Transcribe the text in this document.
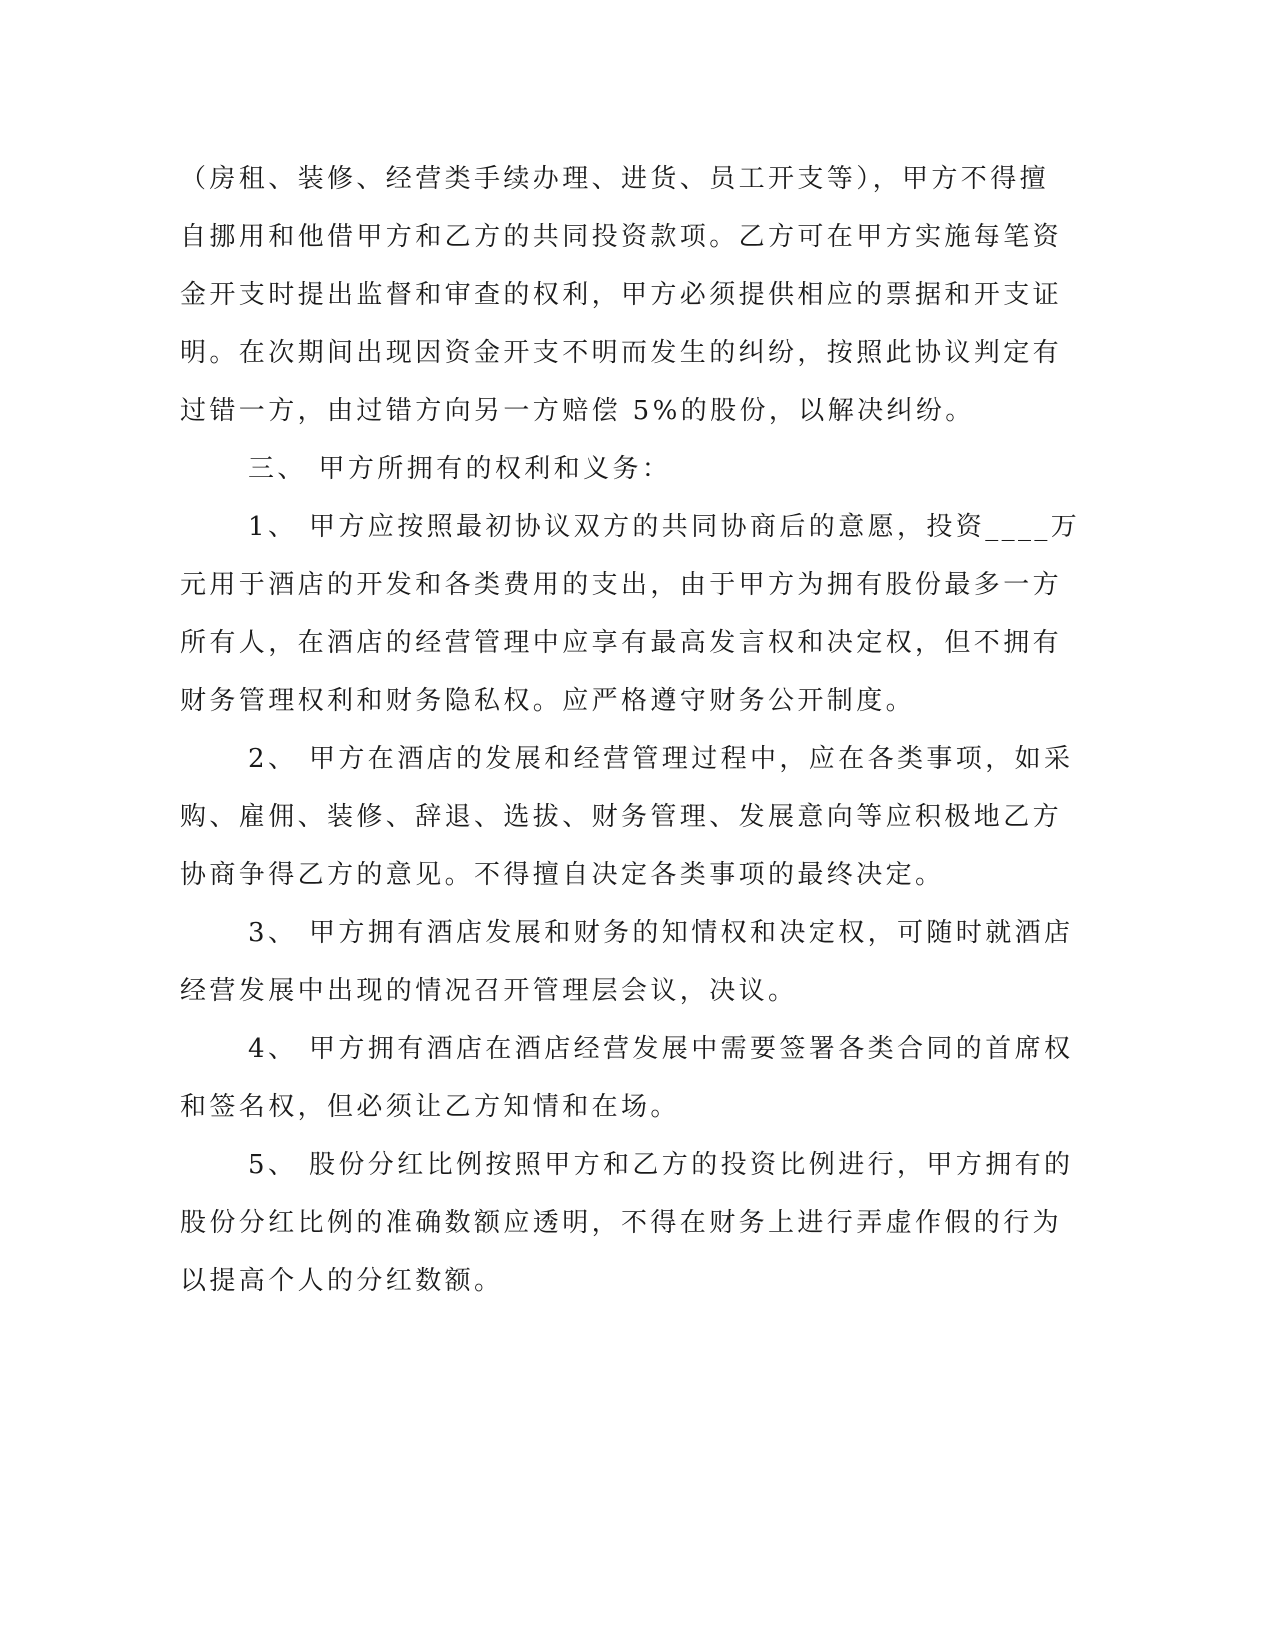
（房租、装修、经营类手续办理、进货、员工开支等），甲方不得擅
自挪用和他借甲方和乙方的共同投资款项。乙方可在甲方实施每笔资
金开支时提出监督和审查的权利，甲方必须提供相应的票据和开支证
明。在次期间出现因资金开支不明而发生的纠纷，按照此协议判定有
过错一方，由过错方向另一方赔偿 5%的股份，以解决纠纷。

三、 甲方所拥有的权利和义务：

1、 甲方应按照最初协议双方的共同协商后的意愿，投资____万
元用于酒店的开发和各类费用的支出，由于甲方为拥有股份最多一方
所有人，在酒店的经营管理中应享有最高发言权和决定权，但不拥有
财务管理权利和财务隐私权。应严格遵守财务公开制度。

2、 甲方在酒店的发展和经营管理过程中，应在各类事项，如采
购、雇佣、装修、辞退、选拔、财务管理、发展意向等应积极地乙方
协商争得乙方的意见。不得擅自决定各类事项的最终决定。

3、 甲方拥有酒店发展和财务的知情权和决定权，可随时就酒店
经营发展中出现的情况召开管理层会议，决议。

4、 甲方拥有酒店在酒店经营发展中需要签署各类合同的首席权
和签名权，但必须让乙方知情和在场。

5、 股份分红比例按照甲方和乙方的投资比例进行，甲方拥有的
股份分红比例的准确数额应透明，不得在财务上进行弄虚作假的行为
以提高个人的分红数额。
